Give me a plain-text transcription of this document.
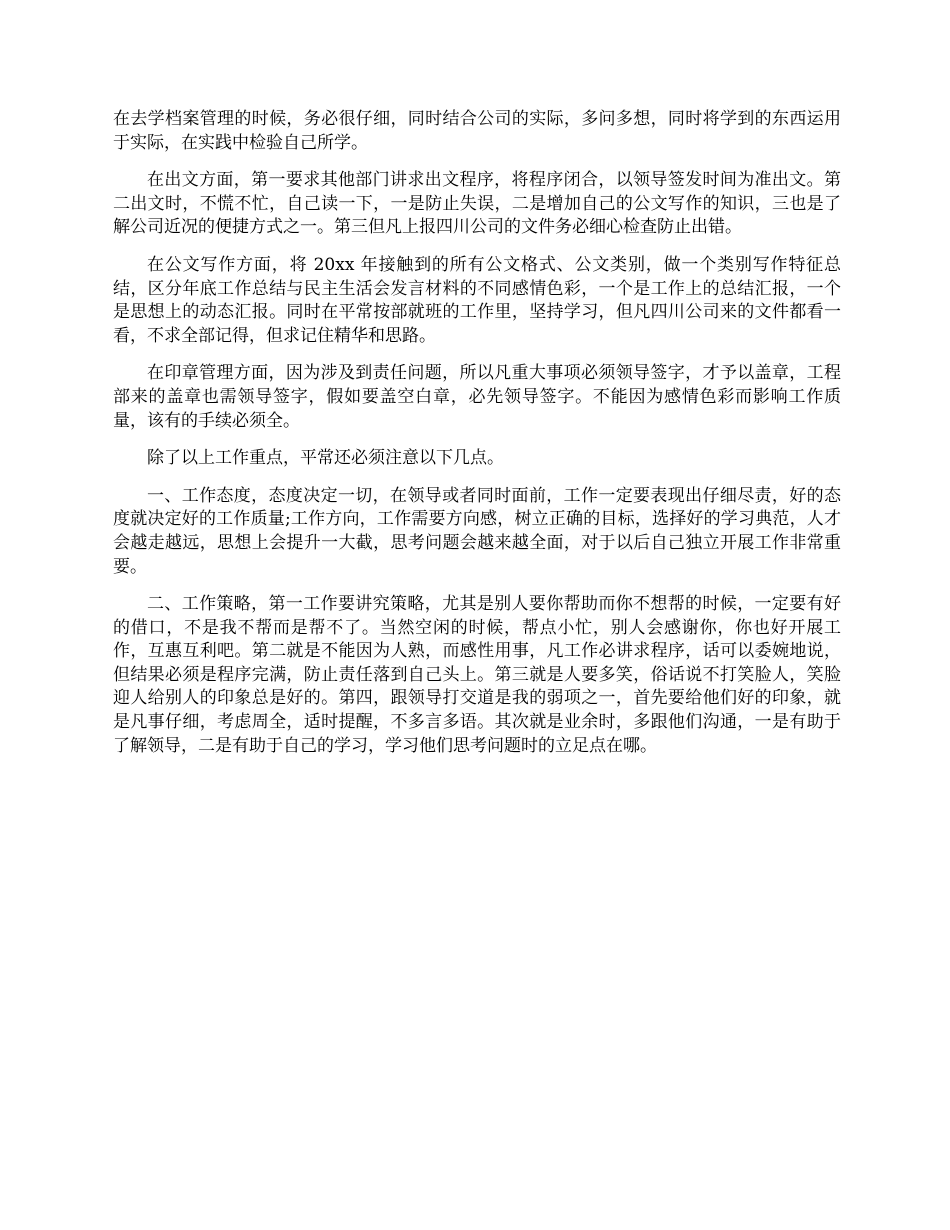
在去学档案管理的时候，务必很仔细，同时结合公司的实际，多问多想，同时将学到的东西运用于实际，在实践中检验自己所学。

在出文方面，第一要求其他部门讲求出文程序，将程序闭合，以领导签发时间为准出文。第二出文时，不慌不忙，自己读一下，一是防止失误，二是增加自己的公文写作的知识，三也是了解公司近况的便捷方式之一。第三但凡上报四川公司的文件务必细心检查防止出错。

在公文写作方面，将 20xx 年接触到的所有公文格式、公文类别，做一个类别写作特征总结，区分年底工作总结与民主生活会发言材料的不同感情色彩，一个是工作上的总结汇报，一个是思想上的动态汇报。同时在平常按部就班的工作里，坚持学习，但凡四川公司来的文件都看一看，不求全部记得，但求记住精华和思路。

在印章管理方面，因为涉及到责任问题，所以凡重大事项必须领导签字，才予以盖章，工程部来的盖章也需领导签字，假如要盖空白章，必先领导签字。不能因为感情色彩而影响工作质量，该有的手续必须全。

除了以上工作重点，平常还必须注意以下几点。

一、工作态度，态度决定一切，在领导或者同时面前，工作一定要表现出仔细尽责，好的态度就决定好的工作质量;工作方向，工作需要方向感，树立正确的目标，选择好的学习典范，人才会越走越远，思想上会提升一大截，思考问题会越来越全面，对于以后自己独立开展工作非常重要。

二、工作策略，第一工作要讲究策略，尤其是别人要你帮助而你不想帮的时候，一定要有好的借口，不是我不帮而是帮不了。当然空闲的时候，帮点小忙，别人会感谢你，你也好开展工作，互惠互利吧。第二就是不能因为人熟，而感性用事，凡工作必讲求程序，话可以委婉地说，但结果必须是程序完满，防止责任落到自己头上。第三就是人要多笑，俗话说不打笑脸人，笑脸迎人给别人的印象总是好的。第四，跟领导打交道是我的弱项之一，首先要给他们好的印象，就是凡事仔细，考虑周全，适时提醒，不多言多语。其次就是业余时，多跟他们沟通，一是有助于了解领导，二是有助于自己的学习，学习他们思考问题时的立足点在哪。
